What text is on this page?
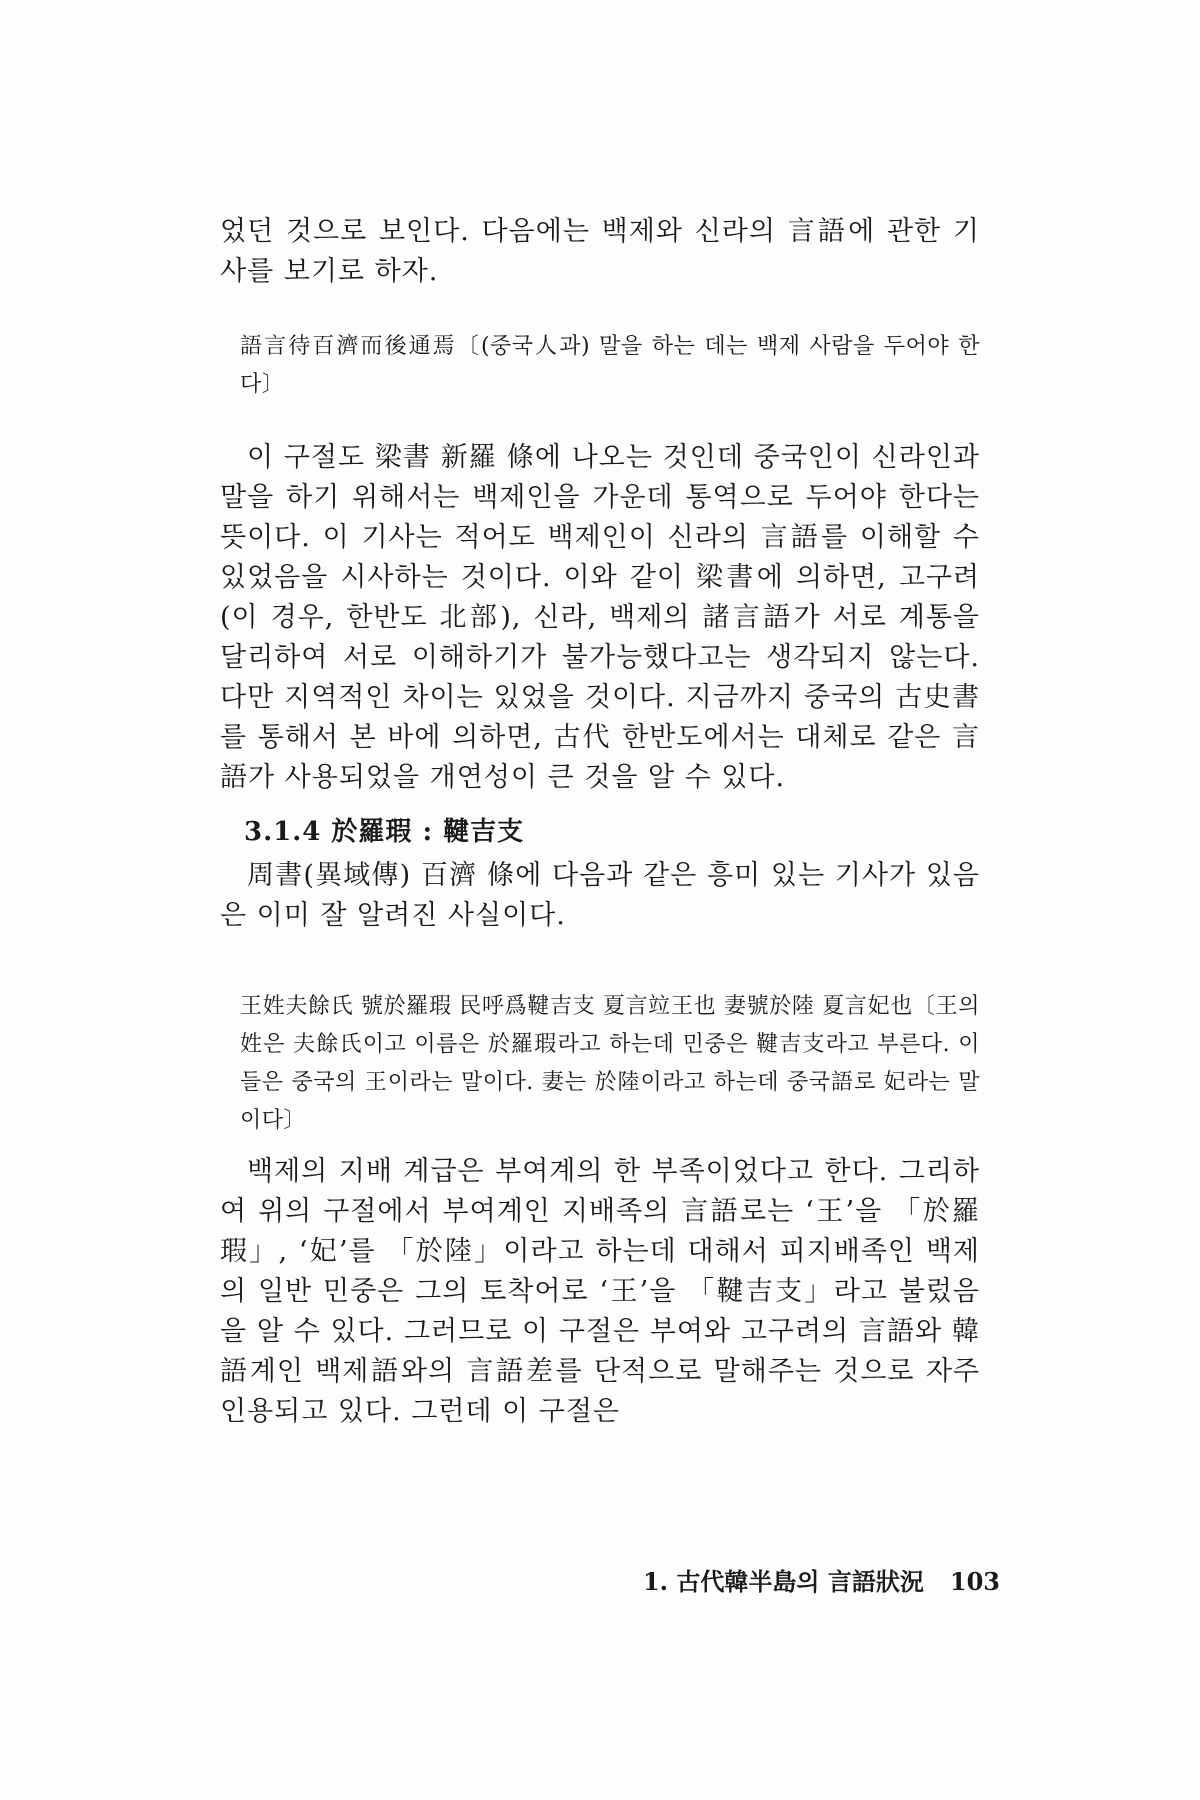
었던 것으로 보인다. 다음에는 백제와 신라의 言語에 관한 기사를 보기로 하자.

語言待百濟而後通焉〔(중국人과) 말을 하는 데는 백제 사람을 두어야 한다〕

이 구절도 梁書 新羅 條에 나오는 것인데 중국인이 신라인과 말을 하기 위해서는 백제인을 가운데 통역으로 두어야 한다는 뜻이다. 이 기사는 적어도 백제인이 신라의 言語를 이해할 수 있었음을 시사하는 것이다. 이와 같이 梁書에 의하면, 고구려(이 경우, 한반도 北部), 신라, 백제의 諸言語가 서로 계통을 달리하여 서로 이해하기가 불가능했다고는 생각되지 않는다. 다만 지역적인 차이는 있었을 것이다. 지금까지 중국의 古史書를 통해서 본 바에 의하면, 古代 한반도에서는 대체로 같은 言語가 사용되었을 개연성이 큰 것을 알 수 있다.

3.1.4 於羅瑕 : 鞬吉支

周書(異域傳) 百濟 條에 다음과 같은 흥미 있는 기사가 있음은 이미 잘 알려진 사실이다.

王姓夫餘氏 號於羅瑕 民呼爲鞬吉支 夏言竝王也 妻號於陸 夏言妃也〔王의 姓은 夫餘氏이고 이름은 於羅瑕라고 하는데 민중은 鞬吉支라고 부른다. 이들은 중국의 王이라는 말이다. 妻는 於陸이라고 하는데 중국語로 妃라는 말이다〕

백제의 지배 계급은 부여계의 한 부족이었다고 한다. 그리하여 위의 구절에서 부여계인 지배족의 言語로는 ‘王’을 「於羅瑕」, ‘妃’를 「於陸」이라고 하는데 대해서 피지배족인 백제의 일반 민중은 그의 토착어로 ‘王’을 「鞬吉支」라고 불렀음을 알 수 있다. 그러므로 이 구절은 부여와 고구려의 言語와 韓語계인 백제語와의 言語差를 단적으로 말해주는 것으로 자주 인용되고 있다. 그런데 이 구절은

1. 古代韓半島의 言語狀況 103
